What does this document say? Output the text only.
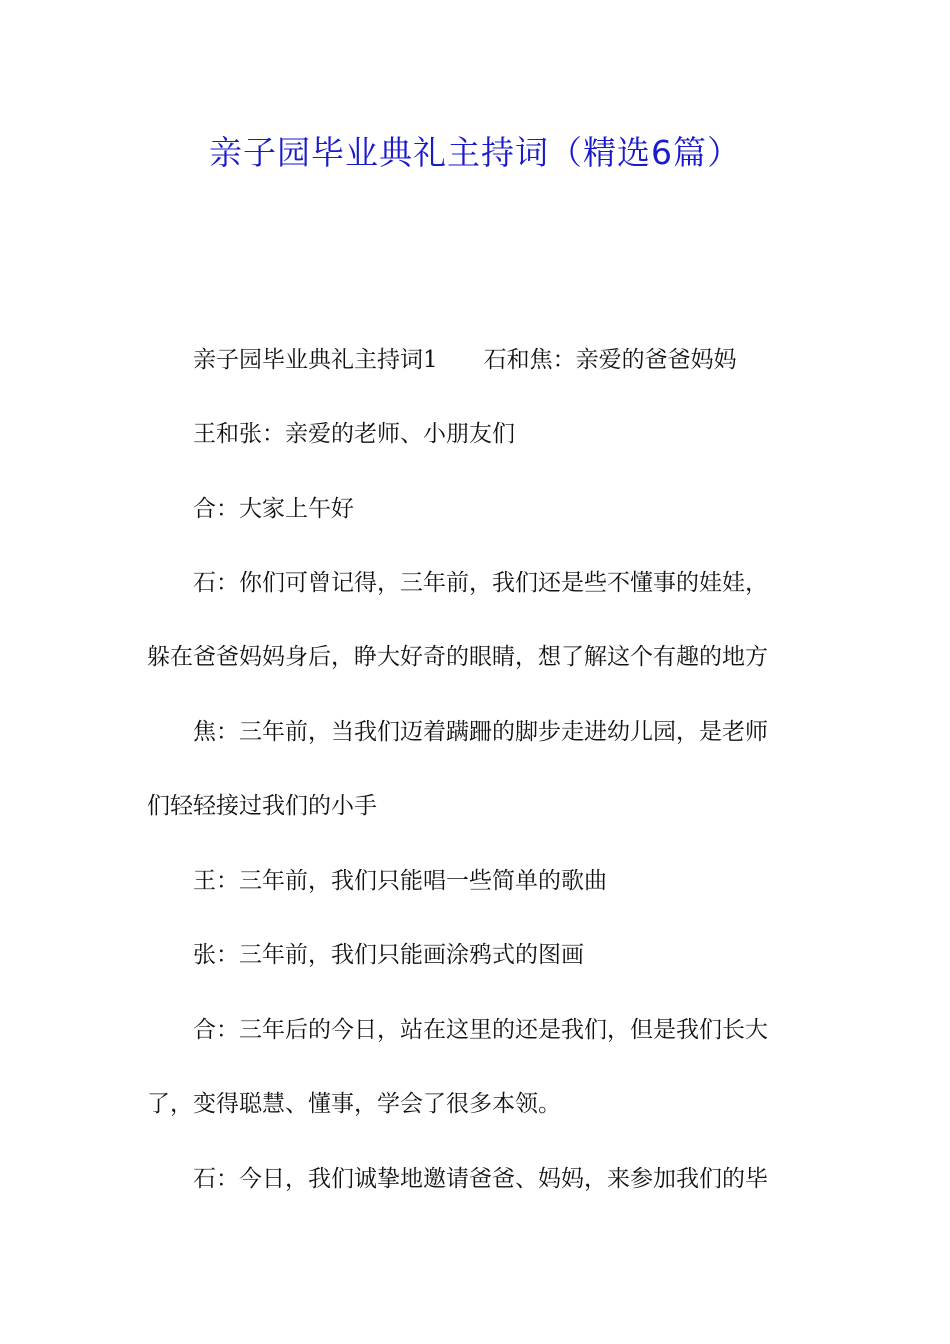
亲子园毕业典礼主持词（精选6篇）
亲子园毕业典礼主持词1 石和焦：亲爱的爸爸妈妈
王和张：亲爱的老师、小朋友们
合：大家上午好
石：你们可曾记得，三年前，我们还是些不懂事的娃娃，
躲在爸爸妈妈身后，睁大好奇的眼睛，想了解这个有趣的地方
焦：三年前，当我们迈着蹒跚的脚步走进幼儿园，是老师
们轻轻接过我们的小手
王：三年前，我们只能唱一些简单的歌曲
张：三年前，我们只能画涂鸦式的图画
合：三年后的今日，站在这里的还是我们，但是我们长大
了，变得聪慧、懂事，学会了很多本领。
石：今日，我们诚挚地邀请爸爸、妈妈，来参加我们的毕
